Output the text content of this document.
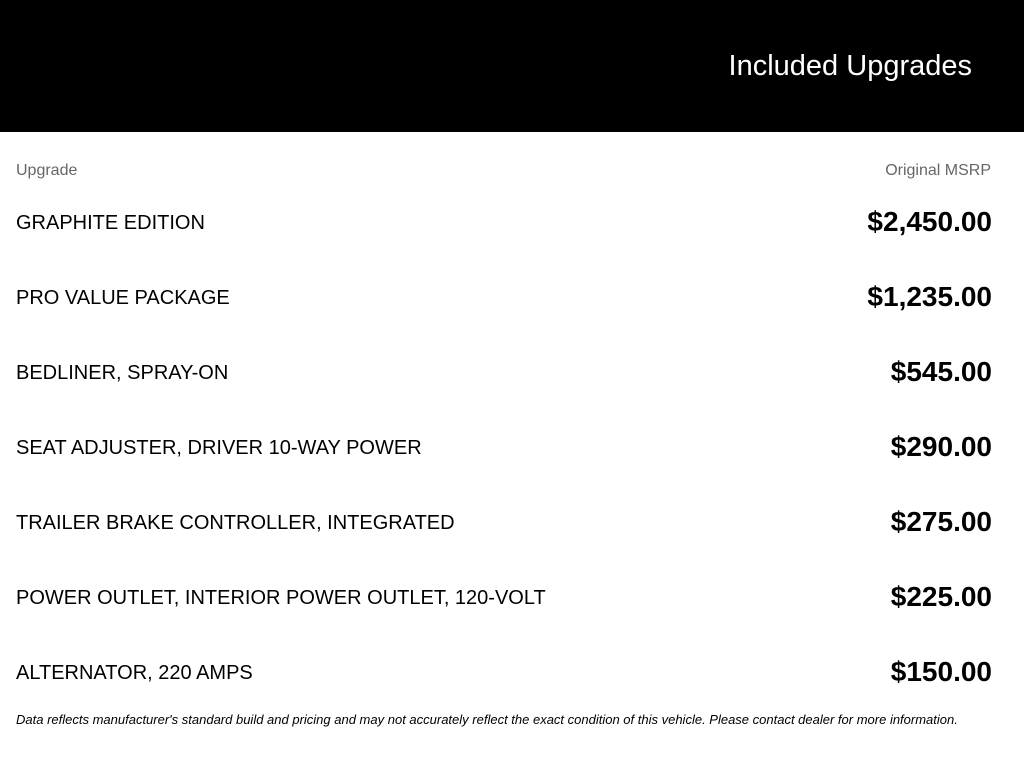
Included Upgrades
Upgrade	Original MSRP
GRAPHITE EDITION	$2,450.00
PRO VALUE PACKAGE	$1,235.00
BEDLINER, SPRAY-ON	$545.00
SEAT ADJUSTER, DRIVER 10-WAY POWER	$290.00
TRAILER BRAKE CONTROLLER, INTEGRATED	$275.00
POWER OUTLET, INTERIOR POWER OUTLET, 120-VOLT	$225.00
ALTERNATOR, 220 AMPS	$150.00
Data reflects manufacturer's standard build and pricing and may not accurately reflect the exact condition of this vehicle. Please contact dealer for more information.
